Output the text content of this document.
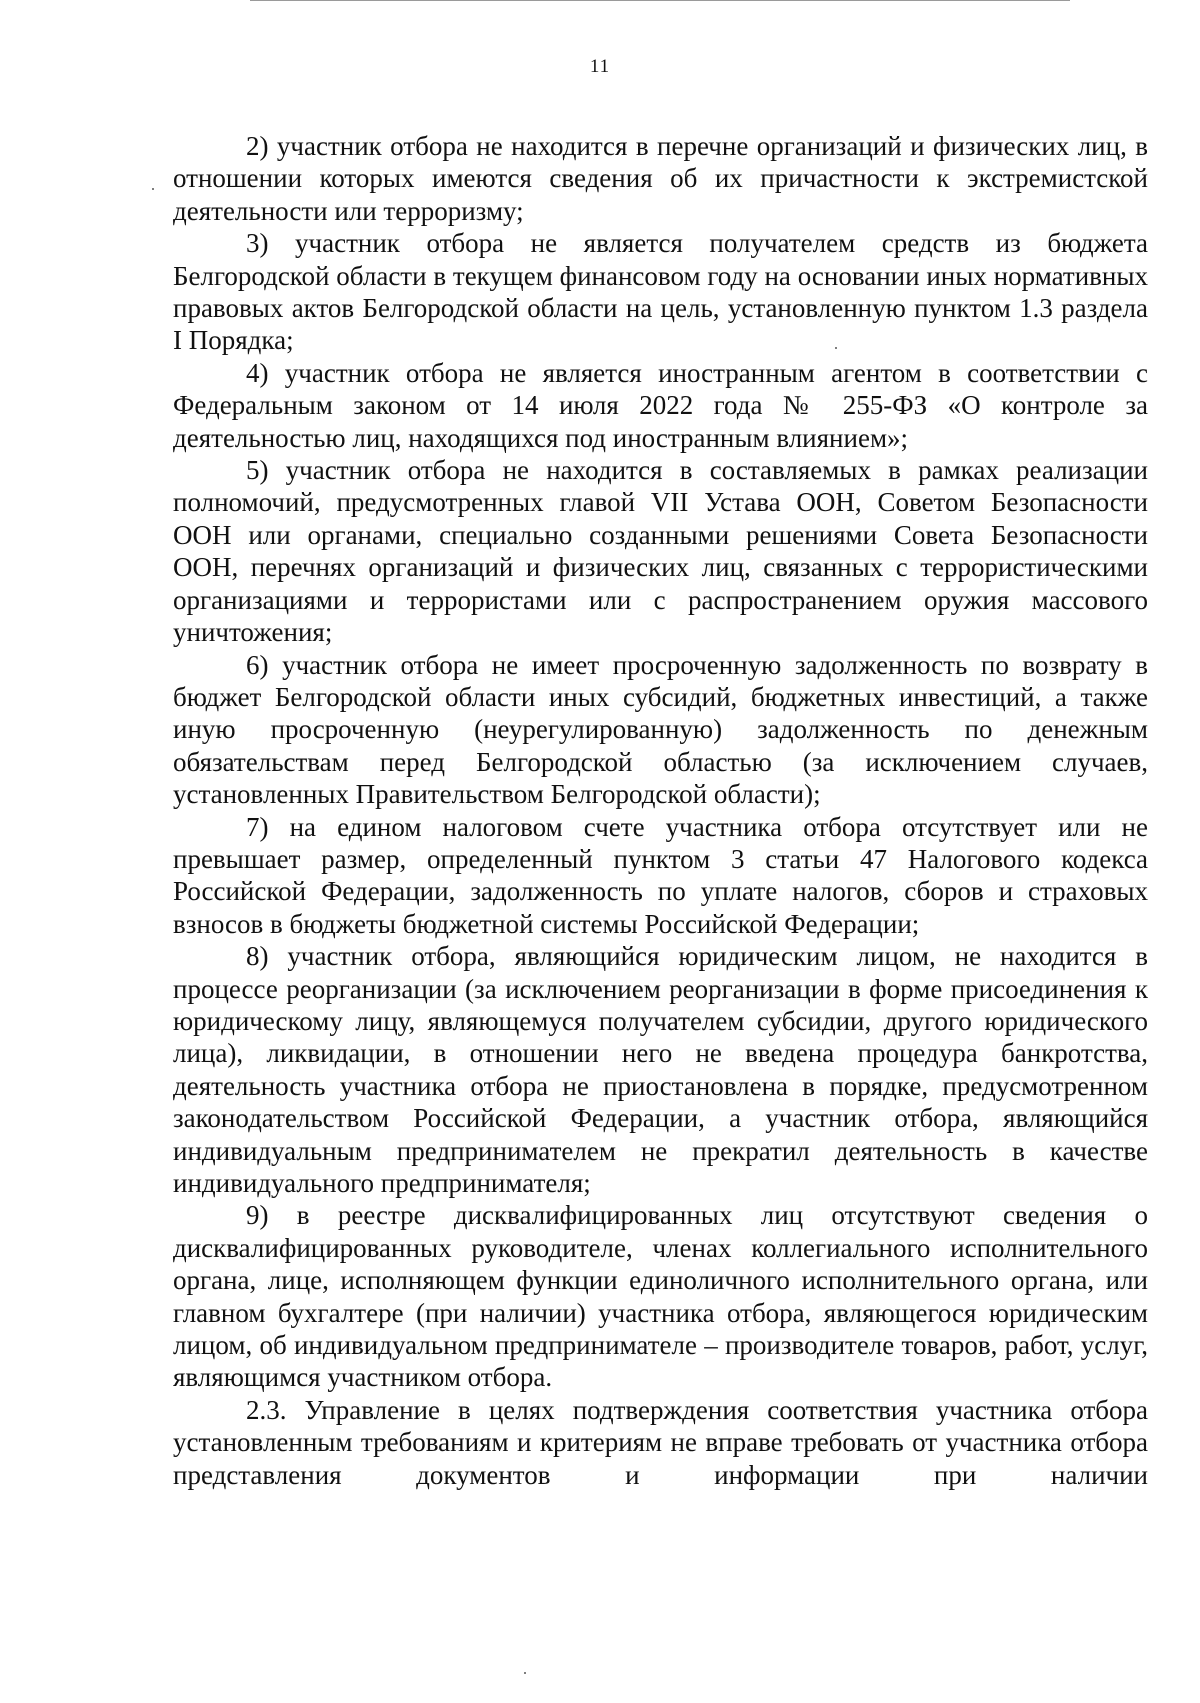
11

2) участник отбора не находится в перечне организаций и физических лиц, в отношении которых имеются сведения об их причастности к экстремистской деятельности или терроризму;

3) участник отбора не является получателем средств из бюджета Белгородской области в текущем финансовом году на основании иных нормативных правовых актов Белгородской области на цель, установленную пунктом 1.3 раздела I Порядка;

4) участник отбора не является иностранным агентом в соответствии с Федеральным законом от 14 июля 2022 года № 255-ФЗ «О контроле за деятельностью лиц, находящихся под иностранным влиянием»;

5) участник отбора не находится в составляемых в рамках реализации полномочий, предусмотренных главой VII Устава ООН, Советом Безопасности ООН или органами, специально созданными решениями Совета Безопасности ООН, перечнях организаций и физических лиц, связанных с террористическими организациями и террористами или с распространением оружия массового уничтожения;

6) участник отбора не имеет просроченную задолженность по возврату в бюджет Белгородской области иных субсидий, бюджетных инвестиций, а также иную просроченную (неурегулированную) задолженность по денежным обязательствам перед Белгородской областью (за исключением случаев, установленных Правительством Белгородской области);

7) на едином налоговом счете участника отбора отсутствует или не превышает размер, определенный пунктом 3 статьи 47 Налогового кодекса Российской Федерации, задолженность по уплате налогов, сборов и страховых взносов в бюджеты бюджетной системы Российской Федерации;

8) участник отбора, являющийся юридическим лицом, не находится в процессе реорганизации (за исключением реорганизации в форме присоединения к юридическому лицу, являющемуся получателем субсидии, другого юридического лица), ликвидации, в отношении него не введена процедура банкротства, деятельность участника отбора не приостановлена в порядке, предусмотренном законодательством Российской Федерации, а участник отбора, являющийся индивидуальным предпринимателем не прекратил деятельность в качестве индивидуального предпринимателя;

9) в реестре дисквалифицированных лиц отсутствуют сведения о дисквалифицированных руководителе, членах коллегиального исполнительного органа, лице, исполняющем функции единоличного исполнительного органа, или главном бухгалтере (при наличии) участника отбора, являющегося юридическим лицом, об индивидуальном предпринимателе – производителе товаров, работ, услуг, являющимся участником отбора.

2.3. Управление в целях подтверждения соответствия участника отбора установленным требованиям и критериям не вправе требовать от участника отбора представления документов и информации при наличии
